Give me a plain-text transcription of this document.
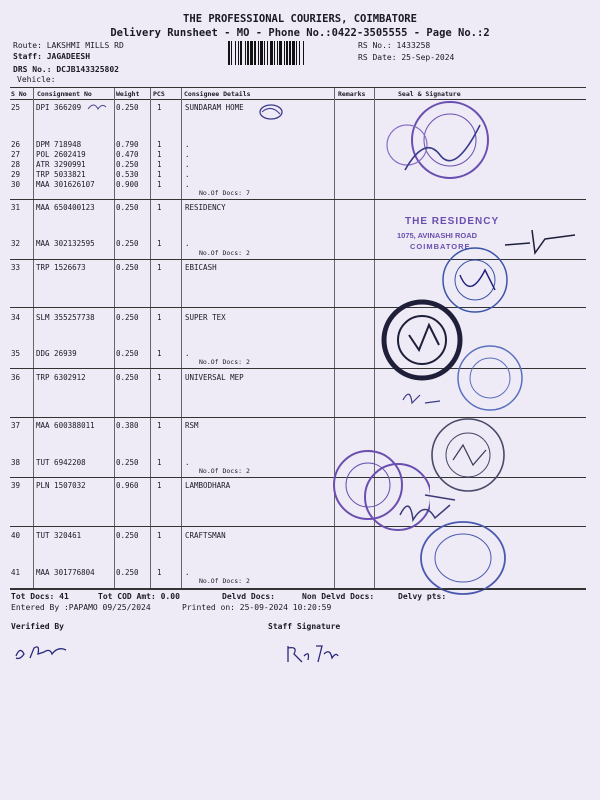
THE PROFESSIONAL COURIERS, COIMBATORE
Delivery Runsheet - MO - Phone No.:0422-3505555 - Page No.:2
Route: LAKSHMI MILLS RD
Staff: JAGADEESH
DRS No.: DCJB143325802
Vehicle:
RS No.: 1433258
RS Date: 25-Sep-2024
S No Consignment No	Weight PCS	Consignee Details	Remarks	Seal & Signature
25 DPI 366209	0.250 1	SUNDARAM HOME
26 DPM 718948	0.790 1	.
27 POL 2602419	0.470 1	.
28 ATR 3290991	0.250 1	.
29 TRP 5033821	0.530 1	.
30 MAA 301626107	0.900 1	.
31 MAA 650400123	0.250 1	RESIDENCY
32 MAA 302132595	0.250 1	.
33 TRP 1526673	0.250 1	EBICASH
34 SLM 355257738	0.250 1	SUPER TEX
35 DDG 26939	0.250 1	.
36 TRP 6302912	0.250 1	UNIVERSAL MEP
37 MAA 600388011	0.380 1	RSM
38 TUT 6942208	0.250 1	.
39 PLN 1507032	0.960 1	LAMBODHARA
40 TUT 320461	0.250 1	CRAFTSMAN
41 MAA 301776804	0.250 1	.
No.Of Docs: 7
No.Of Docs: 2
No.Of Docs: 2
No.Of Docs: 2
No.Of Docs: 2
THE RESIDENCY
1075, AVINASHI ROAD
COIMBATORE
Tot Docs: 41	Tot COD Amt: 0.00	Delvd Docs:	Non Delvd Docs:	Delvy pts:
Entered By :PAPAMO 09/25/2024	Printed on: 25-09-2024 10:20:59
Verified By	Staff Signature
